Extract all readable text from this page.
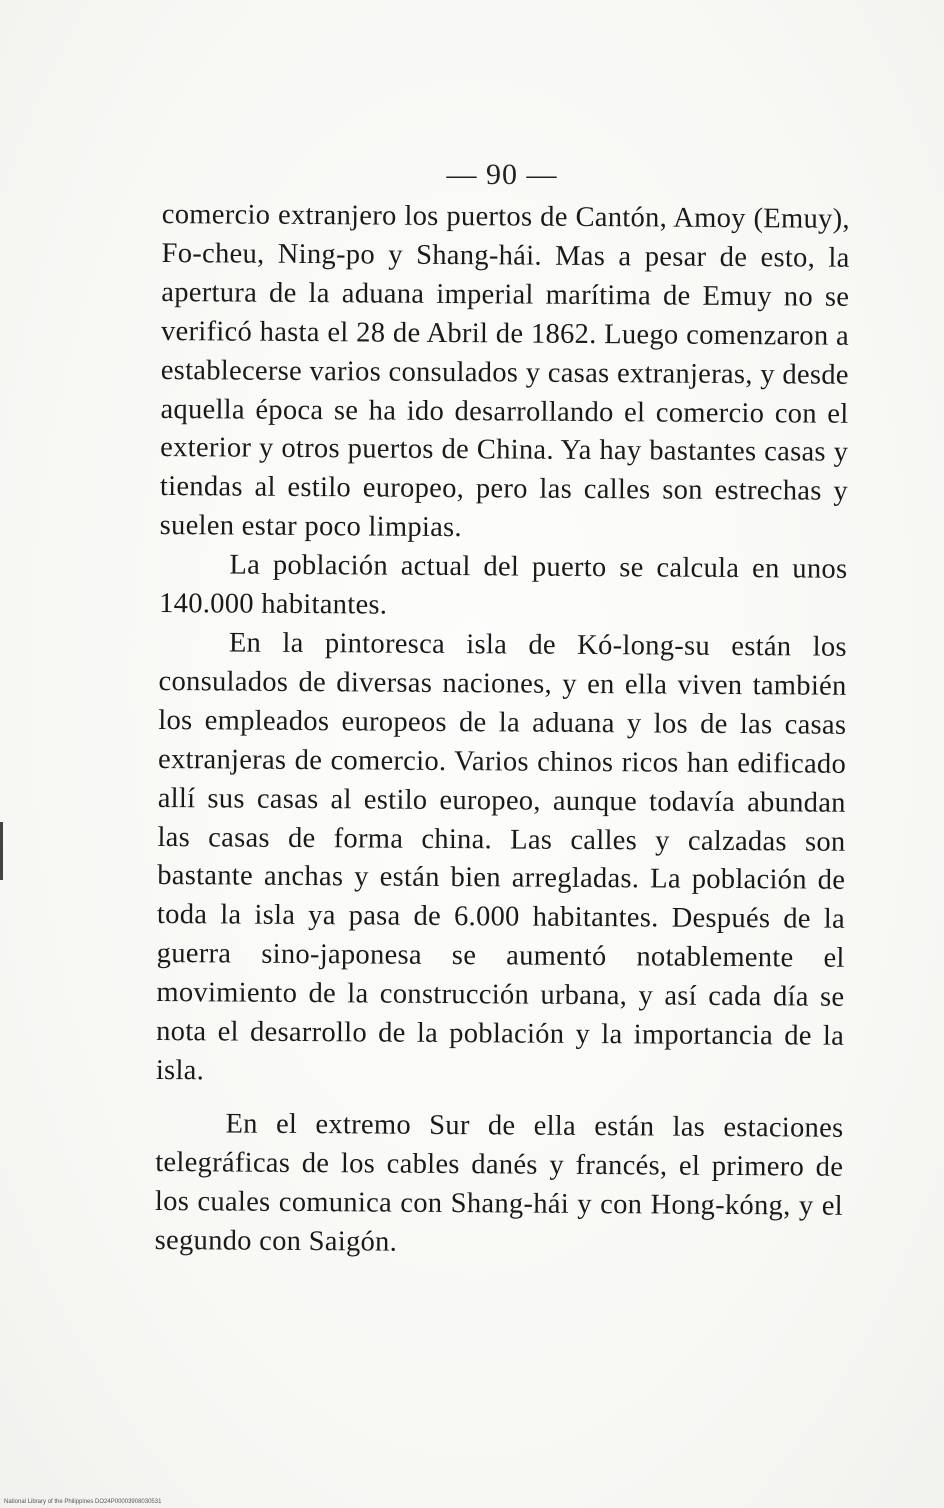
— 90 —

comercio extranjero los puertos de Cantón, Amoy (Emuy), Fo-cheu, Ning-po y Shang-hái. Mas a pesar de esto, la apertura de la aduana imperial marítima de Emuy no se verificó hasta el 28 de Abril de 1862. Luego comenzaron a establecerse varios consulados y casas extranjeras, y desde aquella época se ha ido desarrollando el comercio con el exterior y otros puertos de China. Ya hay bastantes casas y tiendas al estilo europeo, pero las calles son estrechas y suelen estar poco limpias.

La población actual del puerto se calcula en unos 140.000 habitantes.

En la pintoresca isla de Kó-long-su están los consulados de diversas naciones, y en ella viven también los empleados europeos de la aduana y los de las casas extranjeras de comercio. Varios chinos ricos han edificado allí sus casas al estilo europeo, aunque todavía abundan las casas de forma china. Las calles y calzadas son bastante anchas y están bien arregladas. La población de toda la isla ya pasa de 6.000 habitantes. Después de la guerra sino-japonesa se aumentó notablemente el movimiento de la construcción urbana, y así cada día se nota el desarrollo de la población y la importancia de la isla.

En el extremo Sur de ella están las estaciones telegráficas de los cables danés y francés, el primero de los cuales comunica con Shang-hái y con Hong-kóng, y el segundo con Saigón.

National Library of the Philippines DO24P00003908030531
